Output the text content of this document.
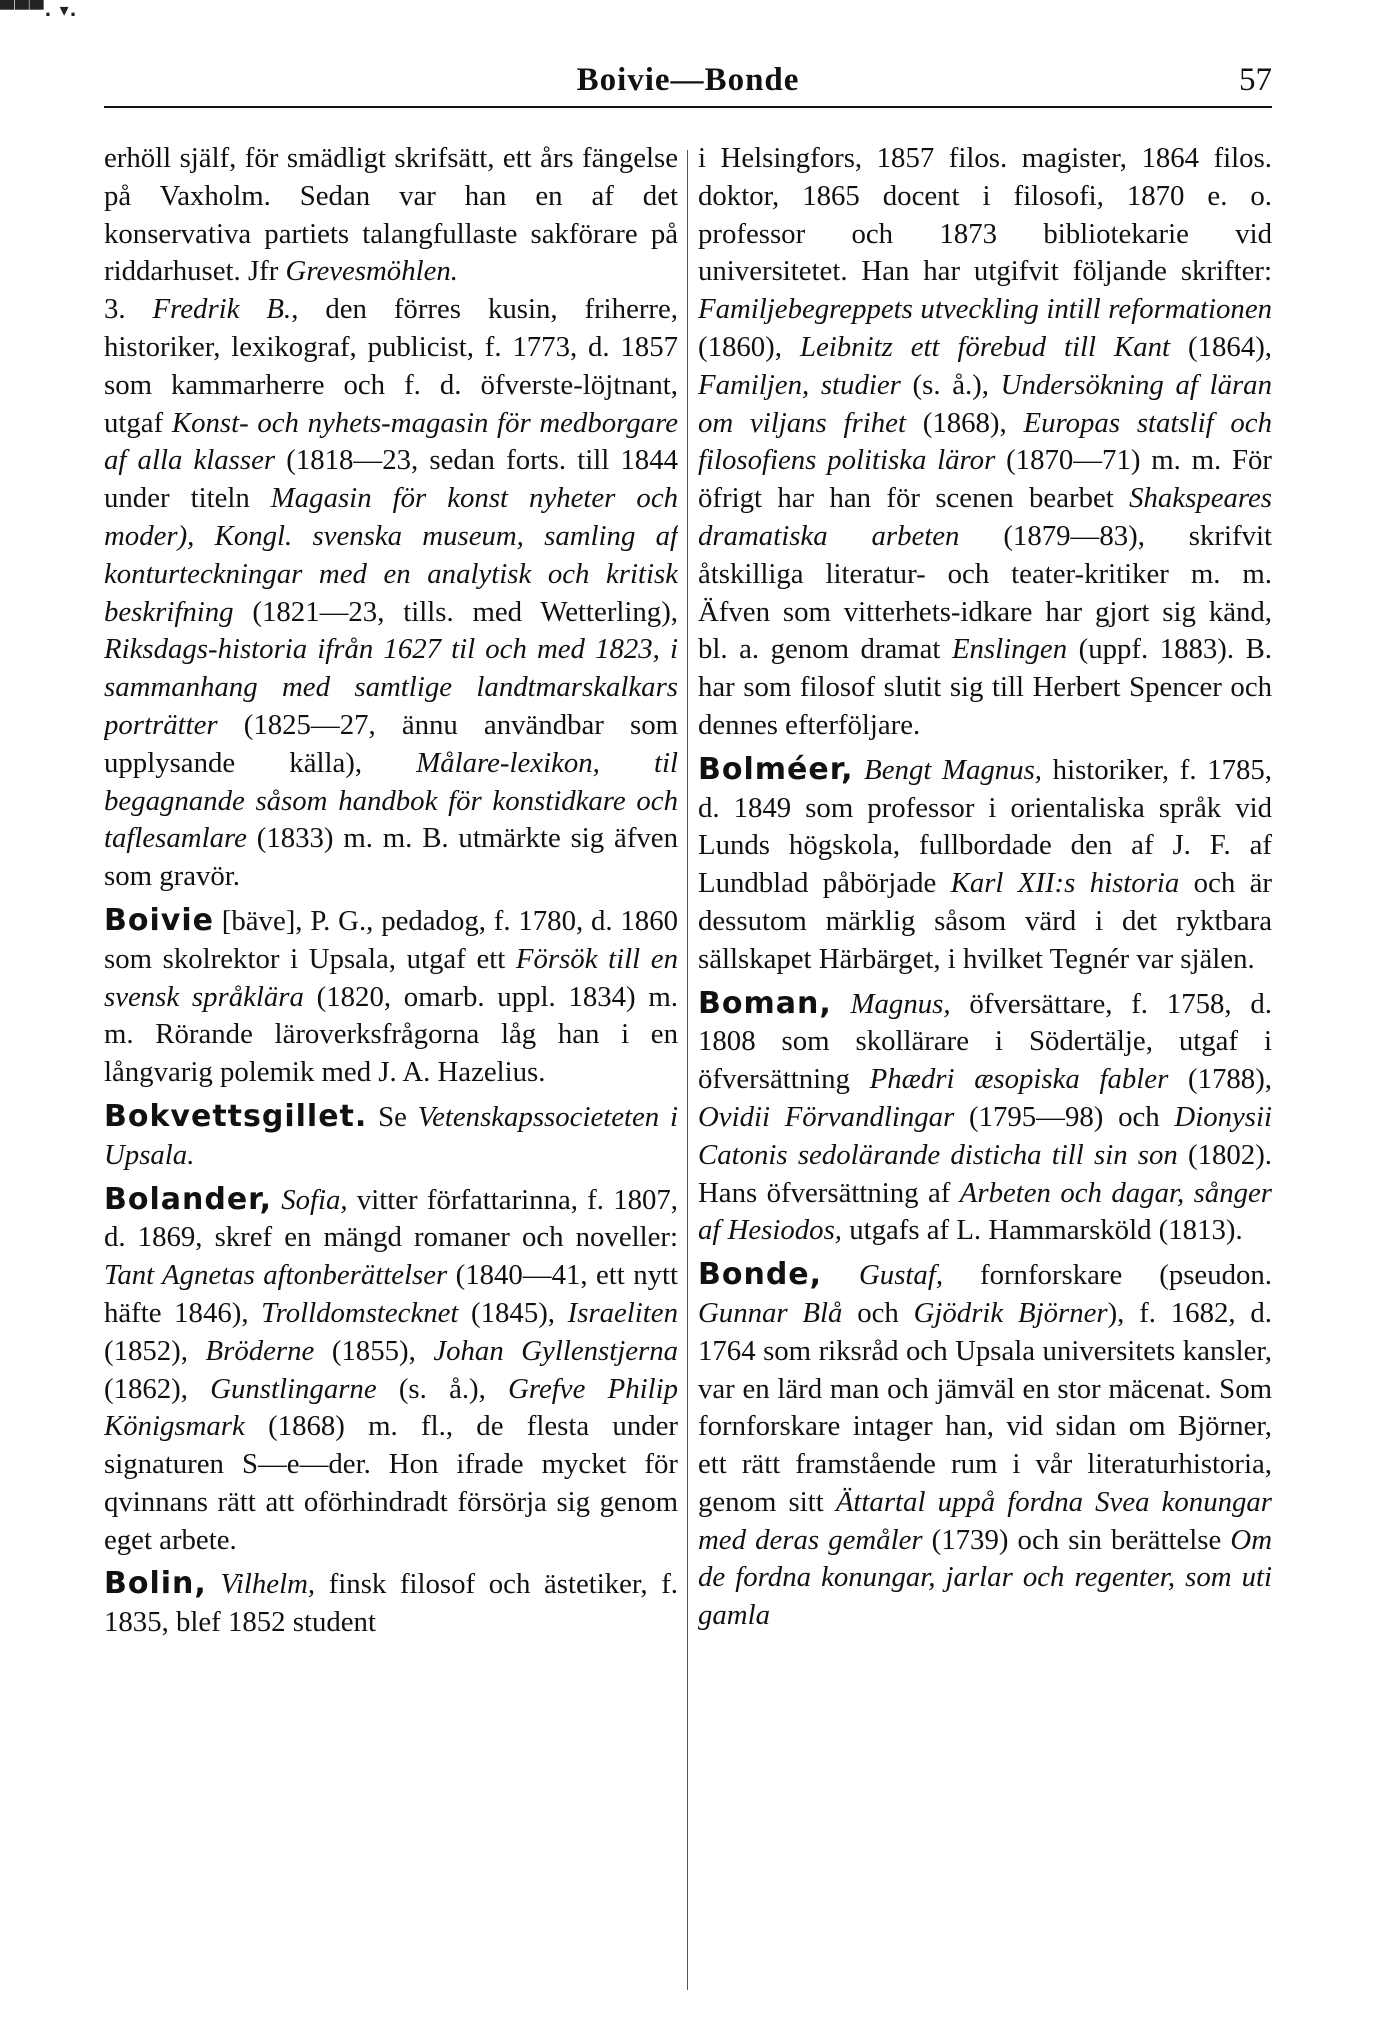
▀▀▀. ▾.
Boivie—Bonde	57

erhöll själf, för smädligt skrifsätt, ett års fängelse på Vaxholm. Sedan var han en af det konservativa partiets talangfullaste sakförare på riddarhuset. Jfr Grevesmöhlen.

3. Fredrik B., den förres kusin, friherre, historiker, lexikograf, publicist, f. 1773, d. 1857 som kammarherre och f. d. öfverste-löjtnant, utgaf Konst- och nyhets-magasin för medborgare af alla klasser (1818—23, sedan forts. till 1844 under titeln Magasin för konst nyheter och moder), Kongl. svenska museum, samling af konturteckningar med en analytisk och kritisk beskrifning (1821—23, tills. med Wetterling), Riksdags-historia ifrån 1627 til och med 1823, i sammanhang med samtlige landtmarskalkars porträtter (1825—27, ännu användbar som upplysande källa), Målare-lexikon, til begagnande såsom handbok för konstidkare och taflesamlare (1833) m. m. B. utmärkte sig äfven som gravör.

Boivie [bäve], P. G., pedadog, f. 1780, d. 1860 som skolrektor i Upsala, utgaf ett Försök till en svensk språklära (1820, omarb. uppl. 1834) m. m. Rörande läroverksfrågorna låg han i en långvarig polemik med J. A. Hazelius.

Bokvettsgillet. Se Vetenskapssocieteten i Upsala.

Bolander, Sofia, vitter författarinna, f. 1807, d. 1869, skref en mängd romaner och noveller: Tant Agnetas aftonberättelser (1840—41, ett nytt häfte 1846), Trolldomstecknet (1845), Israeliten (1852), Bröderne (1855), Johan Gyllenstjerna (1862), Gunstlingarne (s. å.), Grefve Philip Königsmark (1868) m. fl., de flesta under signaturen S—e—der. Hon ifrade mycket för qvinnans rätt att oförhindradt försörja sig genom eget arbete.

Bolin, Vilhelm, finsk filosof och ästetiker, f. 1835, blef 1852 student

i Helsingfors, 1857 filos. magister, 1864 filos. doktor, 1865 docent i filosofi, 1870 e. o. professor och 1873 bibliotekarie vid universitetet. Han har utgifvit följande skrifter: Familjebegreppets utveckling intill reformationen (1860), Leibnitz ett förebud till Kant (1864), Familjen, studier (s. å.), Undersökning af läran om viljans frihet (1868), Europas statslif och filosofiens politiska läror (1870—71) m. m. För öfrigt har han för scenen bearbet Shakspeares dramatiska arbeten (1879—83), skrifvit åtskilliga literatur- och teater-kritiker m. m. Äfven som vitterhets-idkare har gjort sig känd, bl. a. genom dramat Enslingen (uppf. 1883). B. har som filosof slutit sig till Herbert Spencer och dennes efterföljare.

Bolméer, Bengt Magnus, historiker, f. 1785, d. 1849 som professor i orientaliska språk vid Lunds högskola, fullbordade den af J. F. af Lundblad påbörjade Karl XII:s historia och är dessutom märklig såsom värd i det ryktbara sällskapet Härbärget, i hvilket Tegnér var själen.

Boman, Magnus, öfversättare, f. 1758, d. 1808 som skollärare i Södertälje, utgaf i öfversättning Phædri æsopiska fabler (1788), Ovidii Förvandlingar (1795—98) och Dionysii Catonis sedolärande disticha till sin son (1802). Hans öfversättning af Arbeten och dagar, sånger af Hesiodos, utgafs af L. Hammarsköld (1813).

Bonde, Gustaf, fornforskare (pseudon. Gunnar Blå och Gjödrik Björner), f. 1682, d. 1764 som riksråd och Upsala universitets kansler, var en lärd man och jämväl en stor mäcenat. Som fornforskare intager han, vid sidan om Björner, ett rätt framstående rum i vår literaturhistoria, genom sitt Ättartal uppå fordna Svea konungar med deras gemåler (1739) och sin berättelse Om de fordna konungar, jarlar och regenter, som uti gamla
